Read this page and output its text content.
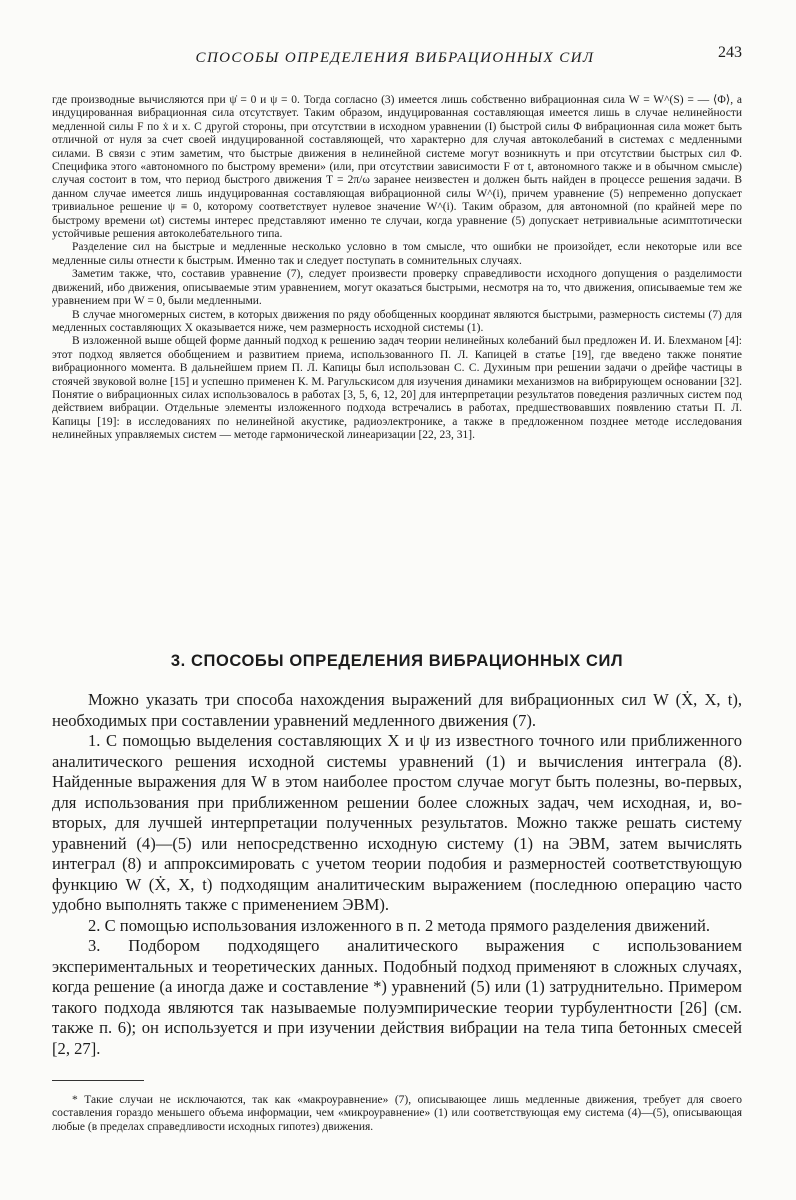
СПОСОБЫ ОПРЕДЕЛЕНИЯ ВИБРАЦИОННЫХ СИЛ	243

где производные вычисляются при ψ̇ = 0 и ψ = 0. Тогда согласно (3) имеется лишь собственно вибрационная сила W = W^(S) = — ⟨Φ⟩, а индуцированная вибрационная сила отсутствует. Таким образом, индуцированная составляющая имеется лишь в случае нелинейности медленной силы F по ẋ и x. С другой стороны, при отсутствии в исходном уравнении (I) быстрой силы Φ вибрационная сила может быть отличной от нуля за счет своей индуцированной составляющей, что характерно для случая автоколебаний в системах с медленными силами. В связи с этим заметим, что быстрые движения в нелинейной системе могут возникнуть и при отсутствии быстрых сил Φ. Специфика этого «автономного по быстрому времени» (или, при отсутствии зависимости F от t, автономного также и в обычном смысле) случая состоит в том, что период быстрого движения T = 2π/ω заранее неизвестен и должен быть найден в процессе решения задачи. В данном случае имеется лишь индуцированная составляющая вибрационной силы W^(i), причем уравнение (5) непременно допускает тривиальное решение ψ ≡ 0, которому соответствует нулевое значение W^(i). Таким образом, для автономной (по крайней мере по быстрому времени ωt) системы интерес представляют именно те случаи, когда уравнение (5) допускает нетривиальные асимптотически устойчивые решения автоколебательного типа.

Разделение сил на быстрые и медленные несколько условно в том смысле, что ошибки не произойдет, если некоторые или все медленные силы отнести к быстрым. Именно так и следует поступать в сомнительных случаях.

Заметим также, что, составив уравнение (7), следует произвести проверку справедливости исходного допущения о разделимости движений, ибо движения, описываемые этим уравнением, могут оказаться быстрыми, несмотря на то, что движения, описываемые тем же уравнением при W = 0, были медленными.

В случае многомерных систем, в которых движения по ряду обобщенных координат являются быстрыми, размерность системы (7) для медленных составляющих X оказывается ниже, чем размерность исходной системы (1).

В изложенной выше общей форме данный подход к решению задач теории нелинейных колебаний был предложен И. И. Блехманом [4]: этот подход является обобщением и развитием приема, использованного П. Л. Капицей в статье [19], где введено также понятие вибрационного момента. В дальнейшем прием П. Л. Капицы был использован С. С. Духиным при решении задачи о дрейфе частицы в стоячей звуковой волне [15] и успешно применен К. М. Рагульскисом для изучения динамики механизмов на вибрирующем основании [32]. Понятие о вибрационных силах использовалось в работах [3, 5, 6, 12, 20] для интерпретации результатов поведения различных систем под действием вибрации. Отдельные элементы изложенного подхода встречались в работах, предшествовавших появлению статьи П. Л. Капицы [19]: в исследованиях по нелинейной акустике, радиоэлектронике, а также в предложенном позднее методе исследования нелинейных управляемых систем — методе гармонической линеаризации [22, 23, 31].

3. СПОСОБЫ ОПРЕДЕЛЕНИЯ ВИБРАЦИОННЫХ СИЛ

Можно указать три способа нахождения выражений для вибрационных сил W (Ẋ, X, t), необходимых при составлении уравнений медленного движения (7).

1. С помощью выделения составляющих X и ψ из известного точного или приближенного аналитического решения исходной системы уравнений (1) и вычисления интеграла (8). Найденные выражения для W в этом наиболее простом случае могут быть полезны, во-первых, для использования при приближенном решении более сложных задач, чем исходная, и, во-вторых, для лучшей интерпретации полученных результатов. Можно также решать систему уравнений (4)—(5) или непосредственно исходную систему (1) на ЭВМ, затем вычислять интеграл (8) и аппроксимировать с учетом теории подобия и размерностей соответствующую функцию W (Ẋ, X, t) подходящим аналитическим выражением (последнюю операцию часто удобно выполнять также с применением ЭВМ).

2. С помощью использования изложенного в п. 2 метода прямого разделения движений.

3. Подбором подходящего аналитического выражения с использованием экспериментальных и теоретических данных. Подобный подход применяют в сложных случаях, когда решение (а иногда даже и составление *) уравнений (5) или (1) затруднительно. Примером такого подхода являются так называемые полуэмпирические теории турбулентности [26] (см. также п. 6); он используется и при изучении действия вибрации на тела типа бетонных смесей [2, 27].

* Такие случаи не исключаются, так как «макроуравнение» (7), описывающее лишь медленные движения, требует для своего составления гораздо меньшего объема информации, чем «микроуравнение» (1) или соответствующая ему система (4)—(5), описывающая любые (в пределах справедливости исходных гипотез) движения.
